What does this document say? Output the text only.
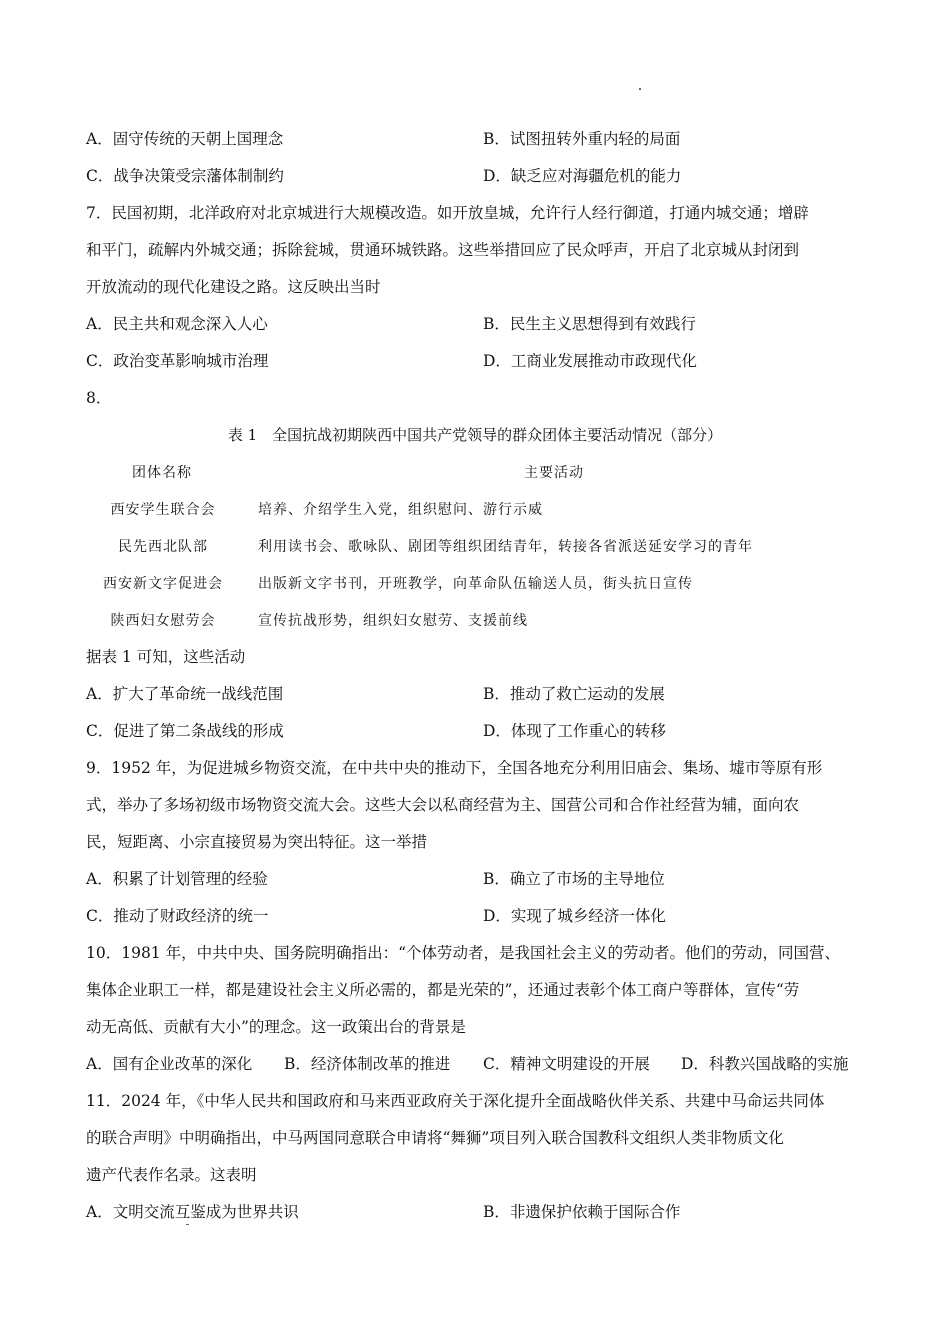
A．固守传统的天朝上国理念	B．试图扭转外重内轻的局面
C．战争决策受宗藩体制制约	D．缺乏应对海疆危机的能力
7．民国初期，北洋政府对北京城进行大规模改造。如开放皇城，允许行人经行御道，打通内城交通；增辟
和平门，疏解内外城交通；拆除瓮城，贯通环城铁路。这些举措回应了民众呼声，开启了北京城从封闭到
开放流动的现代化建设之路。这反映出当时
A．民主共和观念深入人心	B．民生主义思想得到有效践行
C．政治变革影响城市治理	D．工商业发展推动市政现代化
8．
表 1　全国抗战初期陕西中国共产党领导的群众团体主要活动情况（部分）
团体名称	主要活动
西安学生联合会	培养、介绍学生入党，组织慰问、游行示威
民先西北队部	利用读书会、歌咏队、剧团等组织团结青年，转接各省派送延安学习的青年
西安新文字促进会	出版新文字书刊，开班教学，向革命队伍输送人员，街头抗日宣传
陕西妇女慰劳会	宣传抗战形势，组织妇女慰劳、支援前线
据表 1 可知，这些活动
A．扩大了革命统一战线范围	B．推动了救亡运动的发展
C．促进了第二条战线的形成	D．体现了工作重心的转移
9．1952 年，为促进城乡物资交流，在中共中央的推动下，全国各地充分利用旧庙会、集场、墟市等原有形
式，举办了多场初级市场物资交流大会。这些大会以私商经营为主、国营公司和合作社经营为辅，面向农
民，短距离、小宗直接贸易为突出特征。这一举措
A．积累了计划管理的经验	B．确立了市场的主导地位
C．推动了财政经济的统一	D．实现了城乡经济一体化
10．1981 年，中共中央、国务院明确指出：“个体劳动者，是我国社会主义的劳动者。他们的劳动，同国营、
集体企业职工一样，都是建设社会主义所必需的，都是光荣的”，还通过表彰个体工商户等群体，宣传“劳
动无高低、贡献有大小”的理念。这一政策出台的背景是
A．国有企业改革的深化 B．经济体制改革的推进 C．精神文明建设的开展 D．科教兴国战略的实施
11．2024 年，《中华人民共和国政府和马来西亚政府关于深化提升全面战略伙伴关系、共建中马命运共同体
的联合声明》中明确指出，中马两国同意联合申请将“舞狮”项目列入联合国教科文组织人类非物质文化
遗产代表作名录。这表明
A．文明交流互鉴成为世界共识	B．非遗保护依赖于国际合作
